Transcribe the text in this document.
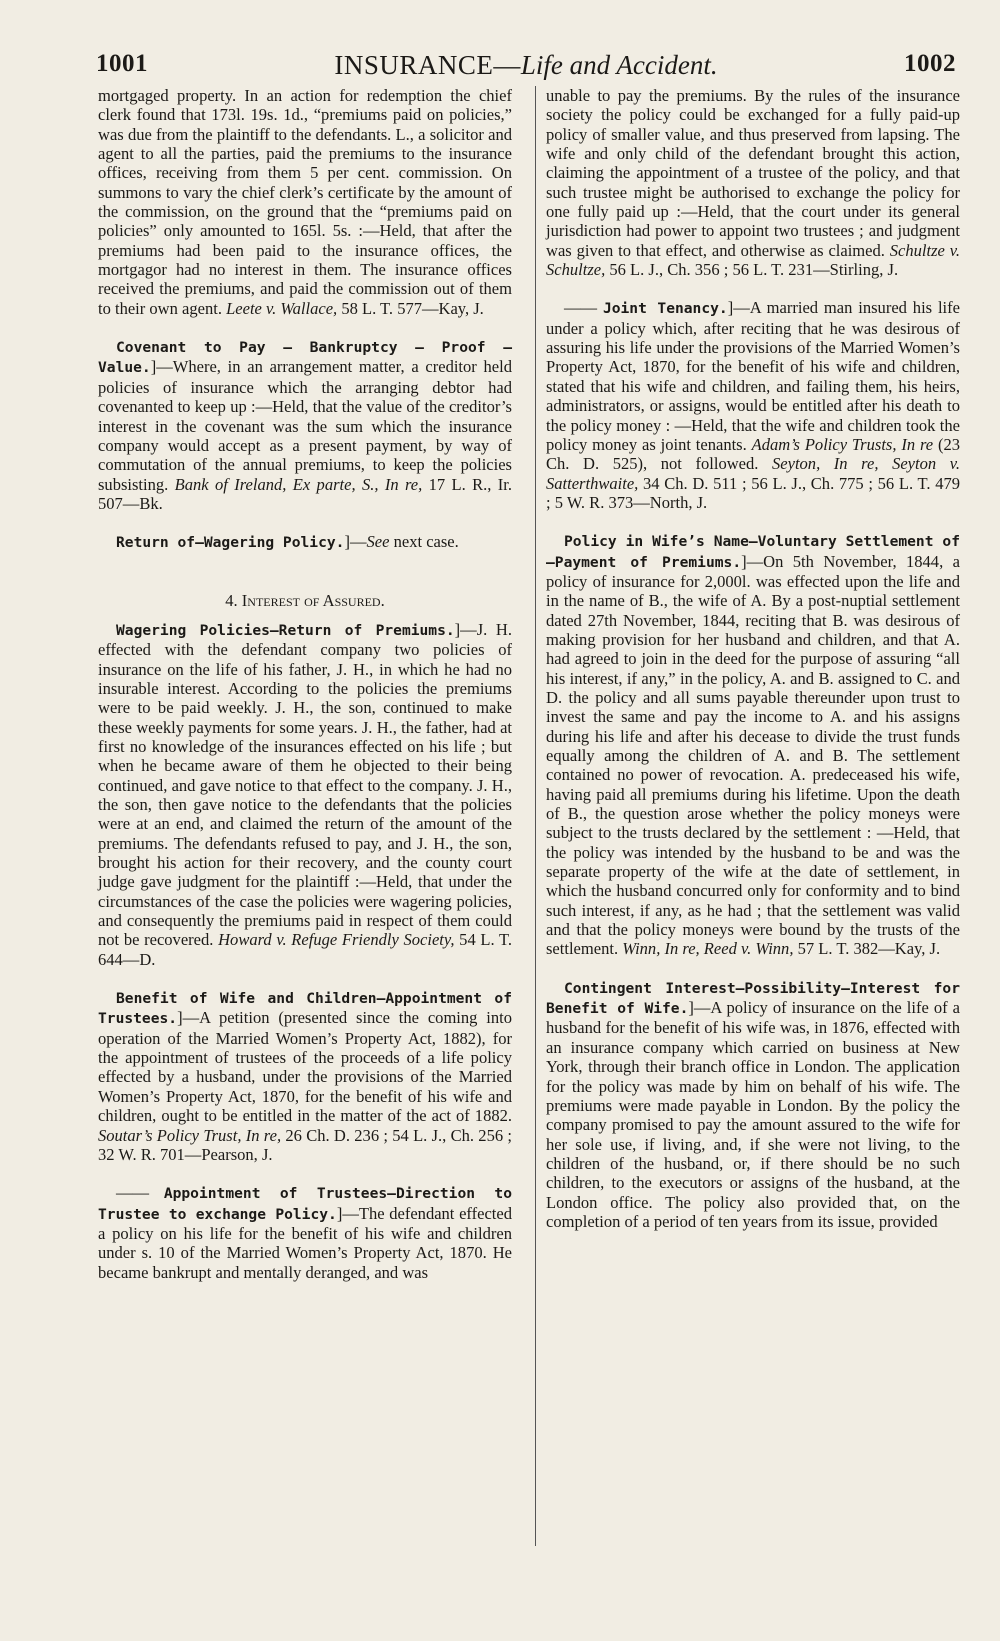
1001	INSURANCE—Life and Accident.	1002

mortgaged property. In an action for redemption the chief clerk found that 173l. 19s. 1d., “premiums paid on policies,” was due from the plaintiff to the defendants. L., a solicitor and agent to all the parties, paid the premiums to the insurance offices, receiving from them 5 per cent. commission. On summons to vary the chief clerk’s certificate by the amount of the commission, on the ground that the “premiums paid on policies” only amounted to 165l. 5s. :—Held, that after the premiums had been paid to the insurance offices, the mortgagor had no interest in them. The insurance offices received the premiums, and paid the commission out of them to their own agent. Leete v. Wallace, 58 L. T. 577—Kay, J.

Covenant to Pay — Bankruptcy — Proof — Value.]—Where, in an arrangement matter, a creditor held policies of insurance which the arranging debtor had covenanted to keep up :—Held, that the value of the creditor’s interest in the covenant was the sum which the insurance company would accept as a present payment, by way of commutation of the annual premiums, to keep the policies subsisting. Bank of Ireland, Ex parte, S., In re, 17 L. R., Ir. 507—Bk.

Return of—Wagering Policy.]—See next case.

4. Interest of Assured.

Wagering Policies—Return of Premiums.]—J. H. effected with the defendant company two policies of insurance on the life of his father, J. H., in which he had no insurable interest. According to the policies the premiums were to be paid weekly. J. H., the son, continued to make these weekly payments for some years. J. H., the father, had at first no knowledge of the insurances effected on his life ; but when he became aware of them he objected to their being continued, and gave notice to that effect to the company. J. H., the son, then gave notice to the defendants that the policies were at an end, and claimed the return of the amount of the premiums. The defendants refused to pay, and J. H., the son, brought his action for their recovery, and the county court judge gave judgment for the plaintiff :—Held, that under the circumstances of the case the policies were wagering policies, and consequently the premiums paid in respect of them could not be recovered. Howard v. Refuge Friendly Society, 54 L. T. 644—D.

Benefit of Wife and Children—Appointment of Trustees.]—A petition (presented since the coming into operation of the Married Women’s Property Act, 1882), for the appointment of trustees of the proceeds of a life policy effected by a husband, under the provisions of the Married Women’s Property Act, 1870, for the benefit of his wife and children, ought to be entitled in the matter of the act of 1882. Soutar’s Policy Trust, In re, 26 Ch. D. 236 ; 54 L. J., Ch. 256 ; 32 W. R. 701—Pearson, J.

—— Appointment of Trustees—Direction to Trustee to exchange Policy.]—The defendant effected a policy on his life for the benefit of his wife and children under s. 10 of the Married Women’s Property Act, 1870. He became bankrupt and mentally deranged, and was

unable to pay the premiums. By the rules of the insurance society the policy could be exchanged for a fully paid-up policy of smaller value, and thus preserved from lapsing. The wife and only child of the defendant brought this action, claiming the appointment of a trustee of the policy, and that such trustee might be authorised to exchange the policy for one fully paid up :—Held, that the court under its general jurisdiction had power to appoint two trustees ; and judgment was given to that effect, and otherwise as claimed. Schultze v. Schultze, 56 L. J., Ch. 356 ; 56 L. T. 231—Stirling, J.

—— Joint Tenancy.]—A married man insured his life under a policy which, after reciting that he was desirous of assuring his life under the provisions of the Married Women’s Property Act, 1870, for the benefit of his wife and children, stated that his wife and children, and failing them, his heirs, administrators, or assigns, would be entitled after his death to the policy money : —Held, that the wife and children took the policy money as joint tenants. Adam’s Policy Trusts, In re (23 Ch. D. 525), not followed. Seyton, In re, Seyton v. Satterthwaite, 34 Ch. D. 511 ; 56 L. J., Ch. 775 ; 56 L. T. 479 ; 5 W. R. 373—North, J.

Policy in Wife’s Name—Voluntary Settlement of—Payment of Premiums.]—On 5th November, 1844, a policy of insurance for 2,000l. was effected upon the life and in the name of B., the wife of A. By a post-nuptial settlement dated 27th November, 1844, reciting that B. was desirous of making provision for her husband and children, and that A. had agreed to join in the deed for the purpose of assuring “all his interest, if any,” in the policy, A. and B. assigned to C. and D. the policy and all sums payable thereunder upon trust to invest the same and pay the income to A. and his assigns during his life and after his decease to divide the trust funds equally among the children of A. and B. The settlement contained no power of revocation. A. predeceased his wife, having paid all premiums during his lifetime. Upon the death of B., the question arose whether the policy moneys were subject to the trusts declared by the settlement : —Held, that the policy was intended by the husband to be and was the separate property of the wife at the date of settlement, in which the husband concurred only for conformity and to bind such interest, if any, as he had ; that the settlement was valid and that the policy moneys were bound by the trusts of the settlement. Winn, In re, Reed v. Winn, 57 L. T. 382—Kay, J.

Contingent Interest—Possibility—Interest for Benefit of Wife.]—A policy of insurance on the life of a husband for the benefit of his wife was, in 1876, effected with an insurance company which carried on business at New York, through their branch office in London. The application for the policy was made by him on behalf of his wife. The premiums were made payable in London. By the policy the company promised to pay the amount assured to the wife for her sole use, if living, and, if she were not living, to the children of the husband, or, if there should be no such children, to the executors or assigns of the husband, at the London office. The policy also provided that, on the completion of a period of ten years from its issue, provided
